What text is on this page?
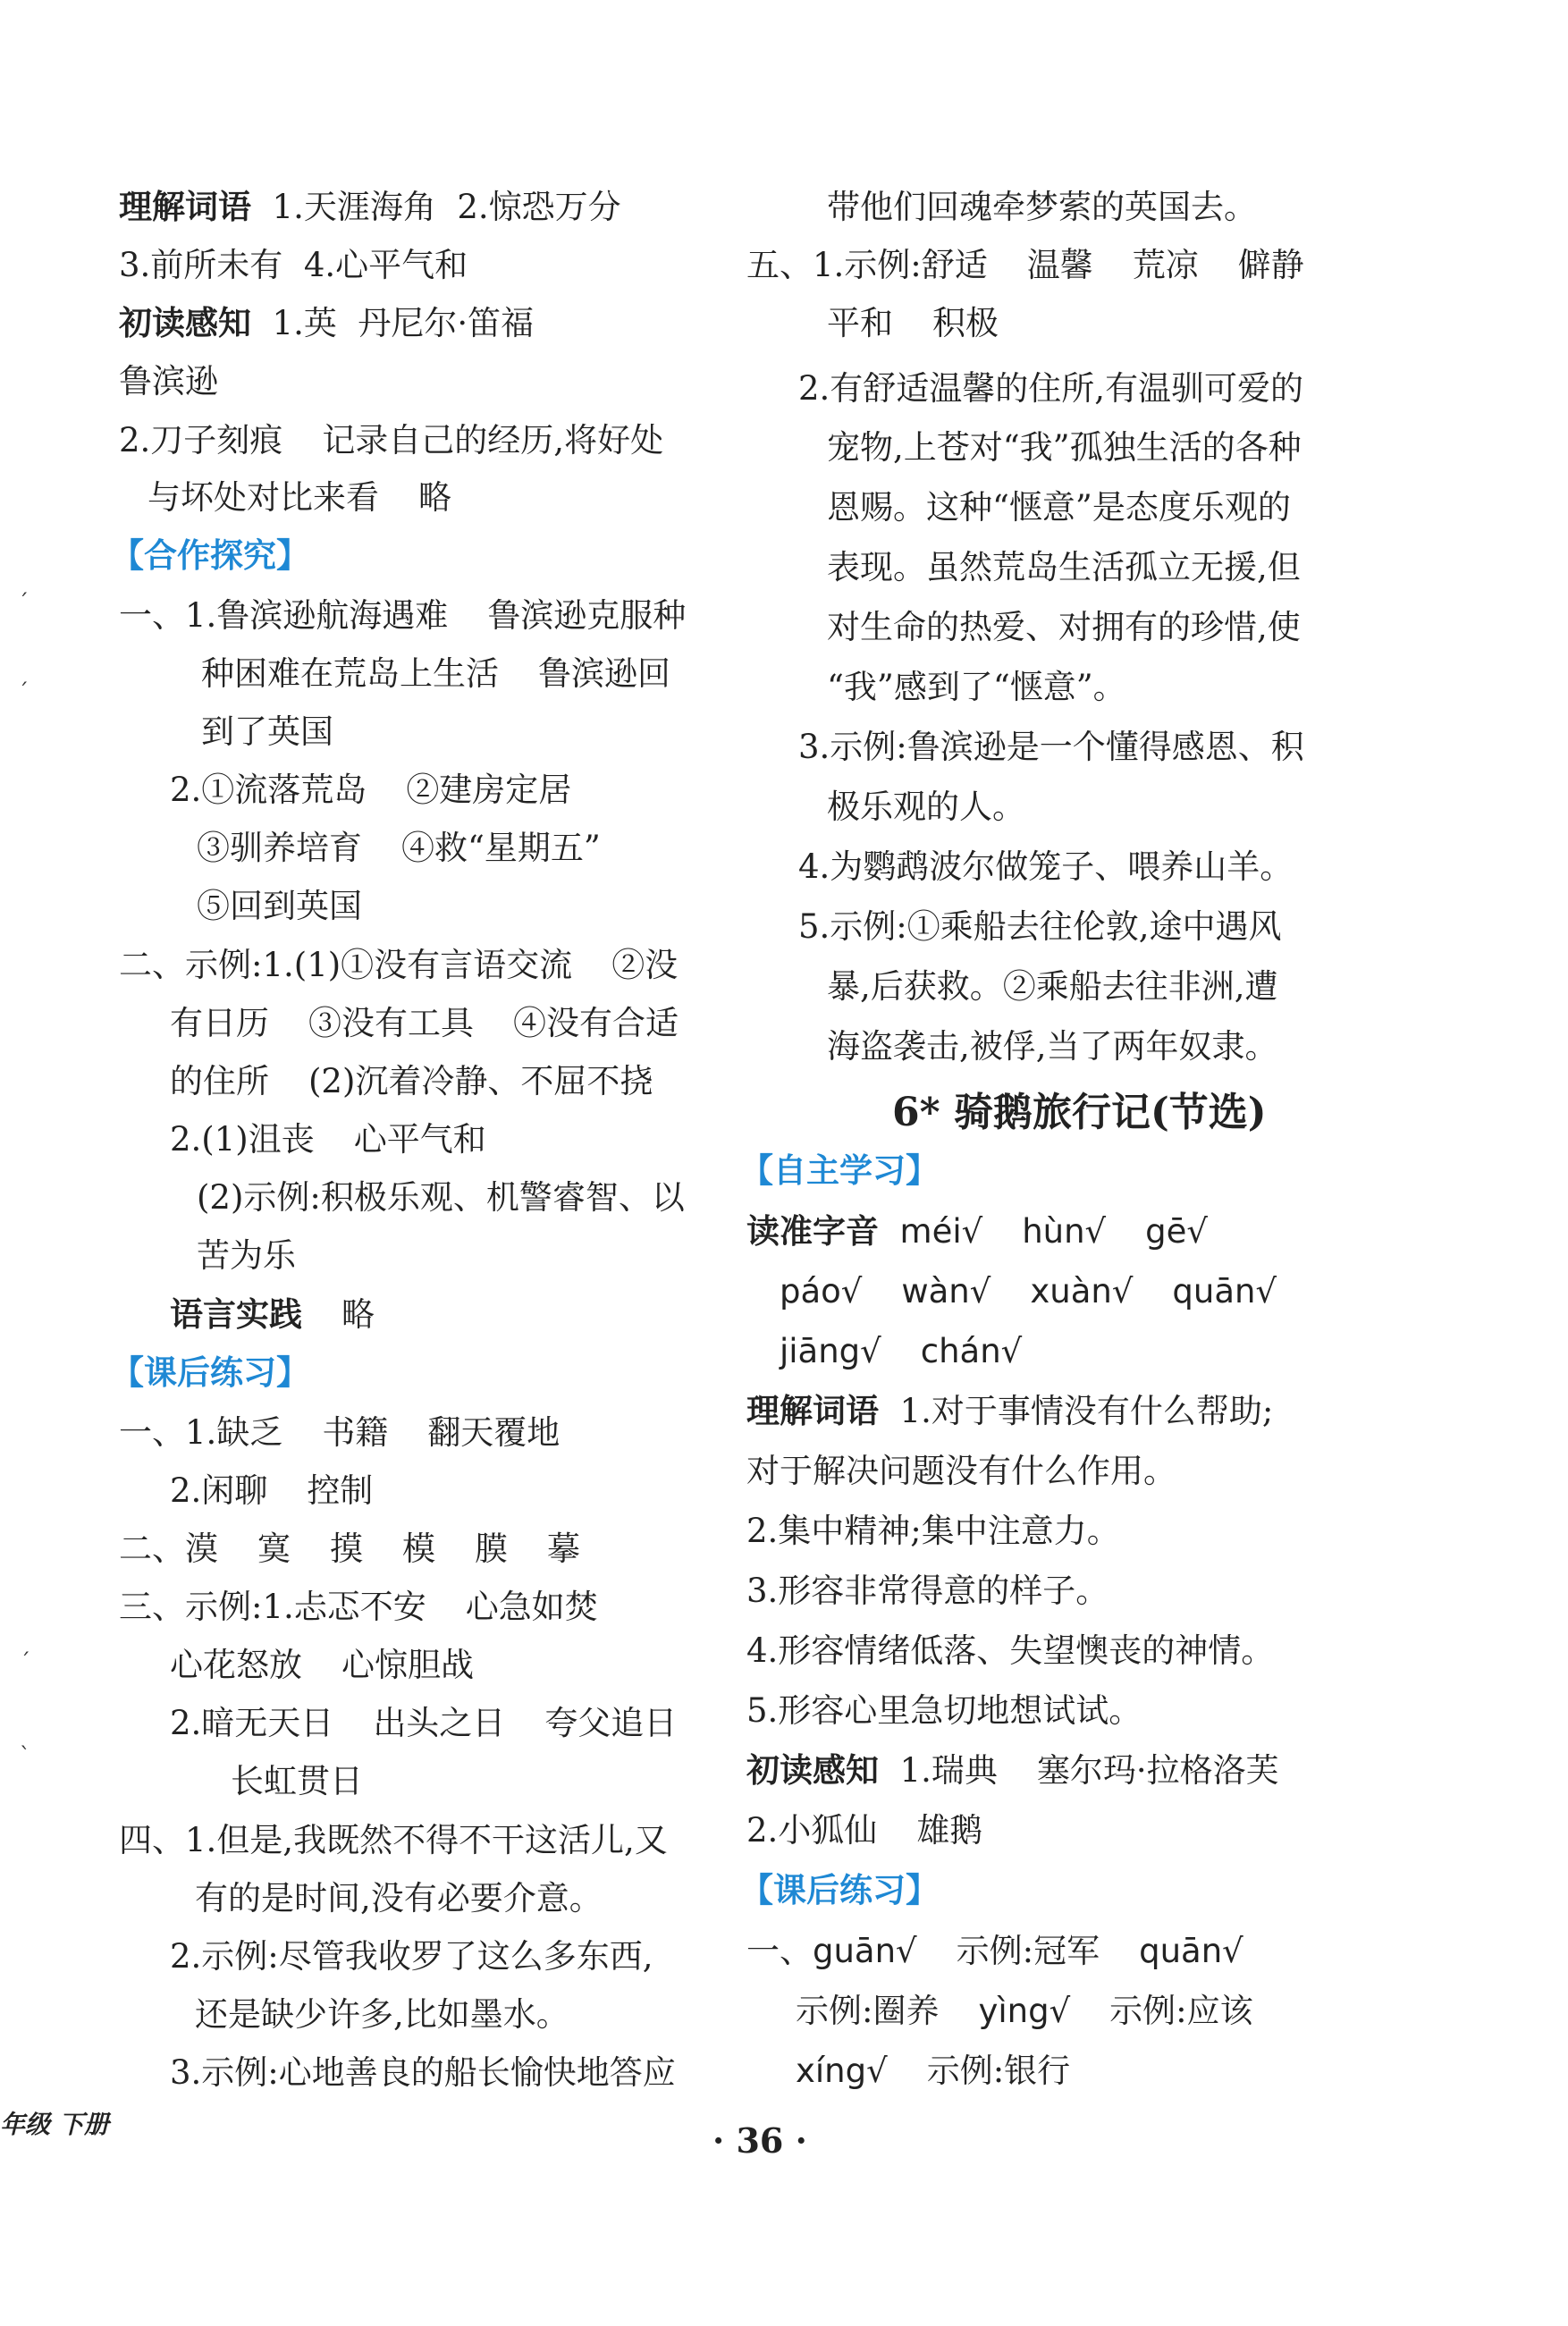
理解词语 1.天涯海角 2.惊恐万分
3.前所未有 4.心平气和
初读感知 1.英 丹尼尔·笛福
鲁滨逊
2.刀子刻痕 记录自己的经历,将好处
与坏处对比来看 略
【合作探究】
一、1.鲁滨逊航海遇难 鲁滨逊克服种
种困难在荒岛上生活 鲁滨逊回
到了英国
2.①流落荒岛 ②建房定居
③驯养培育 ④救“星期五”
⑤回到英国
二、示例:1.(1)①没有言语交流 ②没
有日历 ③没有工具 ④没有合适
的住所 (2)沉着冷静、不屈不挠
2.(1)沮丧 心平气和
(2)示例:积极乐观、机警睿智、以
苦为乐
语言实践 略
【课后练习】
一、1.缺乏 书籍 翻天覆地
2.闲聊 控制
二、漠 寞 摸 模 膜 摹
三、示例:1.忐忑不安 心急如焚
心花怒放 心惊胆战
2.暗无天日 出头之日 夸父追日
长虹贯日
四、1.但是,我既然不得不干这活儿,又
有的是时间,没有必要介意。
2.示例:尽管我收罗了这么多东西,
还是缺少许多,比如墨水。
3.示例:心地善良的船长愉快地答应
带他们回魂牵梦萦的英国去。
五、1.示例:舒适 温馨 荒凉 僻静
平和 积极
2.有舒适温馨的住所,有温驯可爱的
宠物,上苍对“我”孤独生活的各种
恩赐。这种“惬意”是态度乐观的
表现。虽然荒岛生活孤立无援,但
对生命的热爱、对拥有的珍惜,使
“我”感到了“惬意”。
3.示例:鲁滨逊是一个懂得感恩、积
极乐观的人。
4.为鹦鹉波尔做笼子、喂养山羊。
5.示例:①乘船去往伦敦,途中遇风
暴,后获救。②乘船去往非洲,遭
海盗袭击,被俘,当了两年奴隶。
6* 骑鹅旅行记(节选)
【自主学习】
读准字音 méi√ hùn√ gē√
páo√ wàn√ xuàn√ quān√
jiāng√ chán√
理解词语 1.对于事情没有什么帮助;
对于解决问题没有什么作用。
2.集中精神;集中注意力。
3.形容非常得意的样子。
4.形容情绪低落、失望懊丧的神情。
5.形容心里急切地想试试。
初读感知 1.瑞典 塞尔玛·拉格洛芙
2.小狐仙 雄鹅
【课后练习】
一、guān√ 示例:冠军 quān√
示例:圈养 yìng√ 示例:应该
xíng√ 示例:银行
年级 下册	· 36 ·
ˊ
ˊ
ˊ
ˋ
